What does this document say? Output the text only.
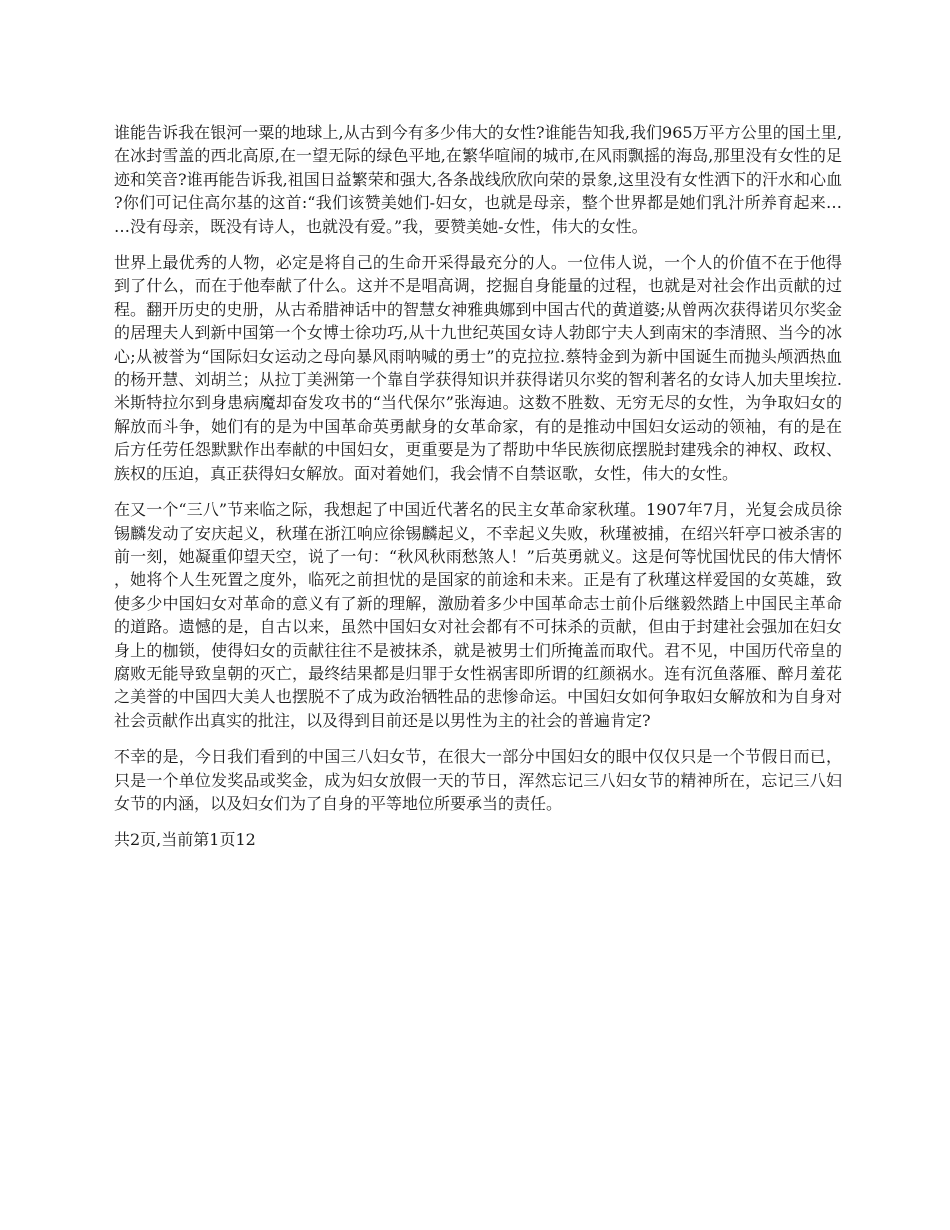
谁能告诉我在银河一粟的地球上,从古到今有多少伟大的女性?谁能告知我,我们965万平方公里的国土里,在冰封雪盖的西北高原,在一望无际的绿色平地,在繁华喧闹的城市,在风雨飘摇的海岛,那里没有女性的足迹和笑音?谁再能告诉我,祖国日益繁荣和强大,各条战线欣欣向荣的景象,这里没有女性洒下的汗水和心血?你们可记住高尔基的这首:“我们该赞美她们-妇女，也就是母亲，整个世界都是她们乳汁所养育起来……没有母亲，既没有诗人，也就没有爱。”我，要赞美她-女性，伟大的女性。

世界上最优秀的人物，必定是将自己的生命开采得最充分的人。一位伟人说，一个人的价值不在于他得到了什么，而在于他奉献了什么。这并不是唱高调，挖掘自身能量的过程，也就是对社会作出贡献的过程。翻开历史的史册，从古希腊神话中的智慧女神雅典娜到中国古代的黄道婆;从曾两次获得诺贝尔奖金的居理夫人到新中国第一个女博士徐功巧,从十九世纪英国女诗人勃郎宁夫人到南宋的李清照、当今的冰心;从被誉为“国际妇女运动之母向暴风雨呐喊的勇士”的克拉拉.蔡特金到为新中国诞生而抛头颅洒热血的杨开慧、刘胡兰；从拉丁美洲第一个靠自学获得知识并获得诺贝尔奖的智利著名的女诗人加夫里埃拉.米斯特拉尔到身患病魔却奋发攻书的“当代保尔”张海迪。这数不胜数、无穷无尽的女性，为争取妇女的解放而斗争，她们有的是为中国革命英勇献身的女革命家，有的是推动中国妇女运动的领袖，有的是在后方任劳任怨默默作出奉献的中国妇女，更重要是为了帮助中华民族彻底摆脱封建残余的神权、政权、族权的压迫，真正获得妇女解放。面对着她们，我会情不自禁讴歌，女性，伟大的女性。

在又一个“三八”节来临之际，我想起了中国近代著名的民主女革命家秋瑾。1907年7月，光复会成员徐锡麟发动了安庆起义，秋瑾在浙江响应徐锡麟起义，不幸起义失败，秋瑾被捕，在绍兴轩亭口被杀害的前一刻，她凝重仰望天空，说了一句：“秋风秋雨愁煞人！”后英勇就义。这是何等忧国忧民的伟大情怀，她将个人生死置之度外，临死之前担忧的是国家的前途和未来。正是有了秋瑾这样爱国的女英雄，致使多少中国妇女对革命的意义有了新的理解，激励着多少中国革命志士前仆后继毅然踏上中国民主革命的道路。遗憾的是，自古以来，虽然中国妇女对社会都有不可抹杀的贡献，但由于封建社会强加在妇女身上的枷锁，使得妇女的贡献往往不是被抹杀，就是被男士们所掩盖而取代。君不见，中国历代帝皇的腐败无能导致皇朝的灭亡，最终结果都是归罪于女性祸害即所谓的红颜祸水。连有沉鱼落雁、醉月羞花之美誉的中国四大美人也摆脱不了成为政治牺牲品的悲惨命运。中国妇女如何争取妇女解放和为自身对社会贡献作出真实的批注，以及得到目前还是以男性为主的社会的普遍肯定?

不幸的是，今日我们看到的中国三八妇女节，在很大一部分中国妇女的眼中仅仅只是一个节假日而已，只是一个单位发奖品或奖金，成为妇女放假一天的节日，浑然忘记三八妇女节的精神所在，忘记三八妇女节的内涵，以及妇女们为了自身的平等地位所要承当的责任。

共2页,当前第1页12
